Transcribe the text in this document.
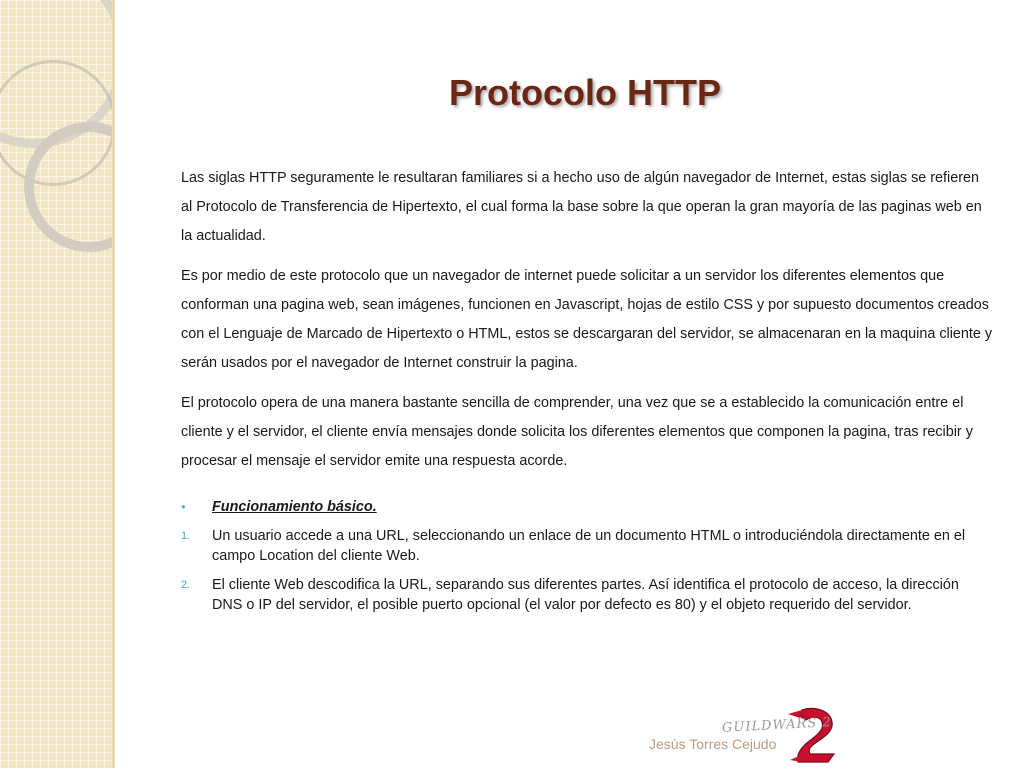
Protocolo HTTP

Las siglas HTTP seguramente le resultaran familiares si a hecho uso de algún navegador de Internet, estas siglas se refieren al Protocolo de Transferencia de Hipertexto, el cual forma la base sobre la que operan la gran mayoría de las paginas web en la actualidad.

Es por medio de este protocolo que un navegador de internet puede solicitar a un servidor los diferentes elementos que conforman una pagina web, sean imágenes, funcionen en Javascript, hojas de estilo CSS y por supuesto documentos creados con el Lenguaje de Marcado de Hipertexto o HTML, estos se descargaran del servidor, se almacenaran en la maquina cliente y serán usados por el navegador de Internet construir la pagina.

El protocolo opera de una manera bastante sencilla de comprender, una vez que se a establecido la comunicación entre el cliente y el servidor, el cliente envía mensajes donde solicita los diferentes elementos que componen la pagina, tras recibir y procesar el mensaje el servidor emite una respuesta acorde.

•	Funcionamiento básico.
1.	Un usuario accede a una URL, seleccionando un enlace de un documento HTML o introduciéndola directamente en el campo Location del cliente Web.
2.	El cliente Web descodifica la URL, separando sus diferentes partes. Así identifica el protocolo de acceso, la dirección DNS o IP del servidor, el posible puerto opcional (el valor por defecto es 80) y el objeto requerido del servidor.
Jesús Torres Cejudo
GUILDWARS 2
